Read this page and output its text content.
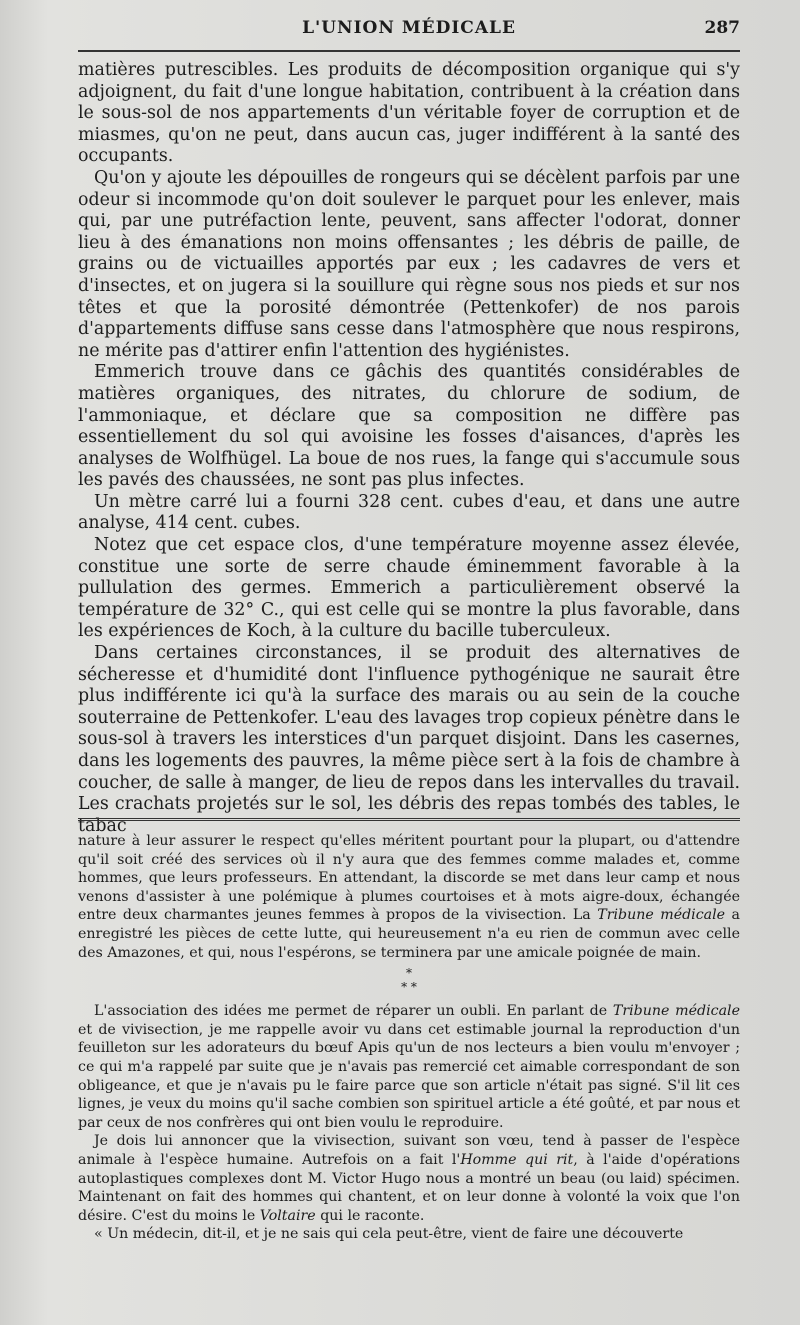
L'UNION MÉDICALE	287

matières putrescibles. Les produits de décomposition organique qui s'y adjoignent, du fait d'une longue habitation, contribuent à la création dans le sous-sol de nos appartements d'un véritable foyer de corruption et de miasmes, qu'on ne peut, dans aucun cas, juger indifférent à la santé des occupants.

Qu'on y ajoute les dépouilles de rongeurs qui se décèlent parfois par une odeur si incommode qu'on doit soulever le parquet pour les enlever, mais qui, par une putréfaction lente, peuvent, sans affecter l'odorat, donner lieu à des émanations non moins offensantes ; les débris de paille, de grains ou de victuailles apportés par eux ; les cadavres de vers et d'insectes, et on jugera si la souillure qui règne sous nos pieds et sur nos têtes et que la porosité démontrée (Pettenkofer) de nos parois d'appartements diffuse sans cesse dans l'atmosphère que nous respirons, ne mérite pas d'attirer enfin l'attention des hygiénistes.

Emmerich trouve dans ce gâchis des quantités considérables de matières organiques, des nitrates, du chlorure de sodium, de l'ammoniaque, et déclare que sa composition ne diffère pas essentiellement du sol qui avoisine les fosses d'aisances, d'après les analyses de Wolfhügel. La boue de nos rues, la fange qui s'accumule sous les pavés des chaussées, ne sont pas plus infectes.

Un mètre carré lui a fourni 328 cent. cubes d'eau, et dans une autre analyse, 414 cent. cubes.

Notez que cet espace clos, d'une température moyenne assez élevée, constitue une sorte de serre chaude éminemment favorable à la pullulation des germes. Emmerich a particulièrement observé la température de 32° C., qui est celle qui se montre la plus favorable, dans les expériences de Koch, à la culture du bacille tuberculeux.

Dans certaines circonstances, il se produit des alternatives de sécheresse et d'humidité dont l'influence pythogénique ne saurait être plus indifférente ici qu'à la surface des marais ou au sein de la couche souterraine de Pettenkofer. L'eau des lavages trop copieux pénètre dans le sous-sol à travers les interstices d'un parquet disjoint. Dans les casernes, dans les logements des pauvres, la même pièce sert à la fois de chambre à coucher, de salle à manger, de lieu de repos dans les intervalles du travail. Les crachats projetés sur le sol, les débris des repas tombés des tables, le tabac

nature à leur assurer le respect qu'elles méritent pourtant pour la plupart, ou d'attendre qu'il soit créé des services où il n'y aura que des femmes comme malades et, comme hommes, que leurs professeurs. En attendant, la discorde se met dans leur camp et nous venons d'assister à une polémique à plumes courtoises et à mots aigre-doux, échangée entre deux charmantes jeunes femmes à propos de la vivisection. La Tribune médicale a enregistré les pièces de cette lutte, qui heureusement n'a eu rien de commun avec celle des Amazones, et qui, nous l'espérons, se terminera par une amicale poignée de main.

*
* *

L'association des idées me permet de réparer un oubli. En parlant de Tribune médicale et de vivisection, je me rappelle avoir vu dans cet estimable journal la reproduction d'un feuilleton sur les adorateurs du bœuf Apis qu'un de nos lecteurs a bien voulu m'envoyer ; ce qui m'a rappelé par suite que je n'avais pas remercié cet aimable correspondant de son obligeance, et que je n'avais pu le faire parce que son article n'était pas signé. S'il lit ces lignes, je veux du moins qu'il sache combien son spirituel article a été goûté, et par nous et par ceux de nos confrères qui ont bien voulu le reproduire.

Je dois lui annoncer que la vivisection, suivant son vœu, tend à passer de l'espèce animale à l'espèce humaine. Autrefois on a fait l'Homme qui rit, à l'aide d'opérations autoplastiques complexes dont M. Victor Hugo nous a montré un beau (ou laid) spécimen. Maintenant on fait des hommes qui chantent, et on leur donne à volonté la voix que l'on désire. C'est du moins le Voltaire qui le raconte.

« Un médecin, dit-il, et je ne sais qui cela peut-être, vient de faire une découverte
